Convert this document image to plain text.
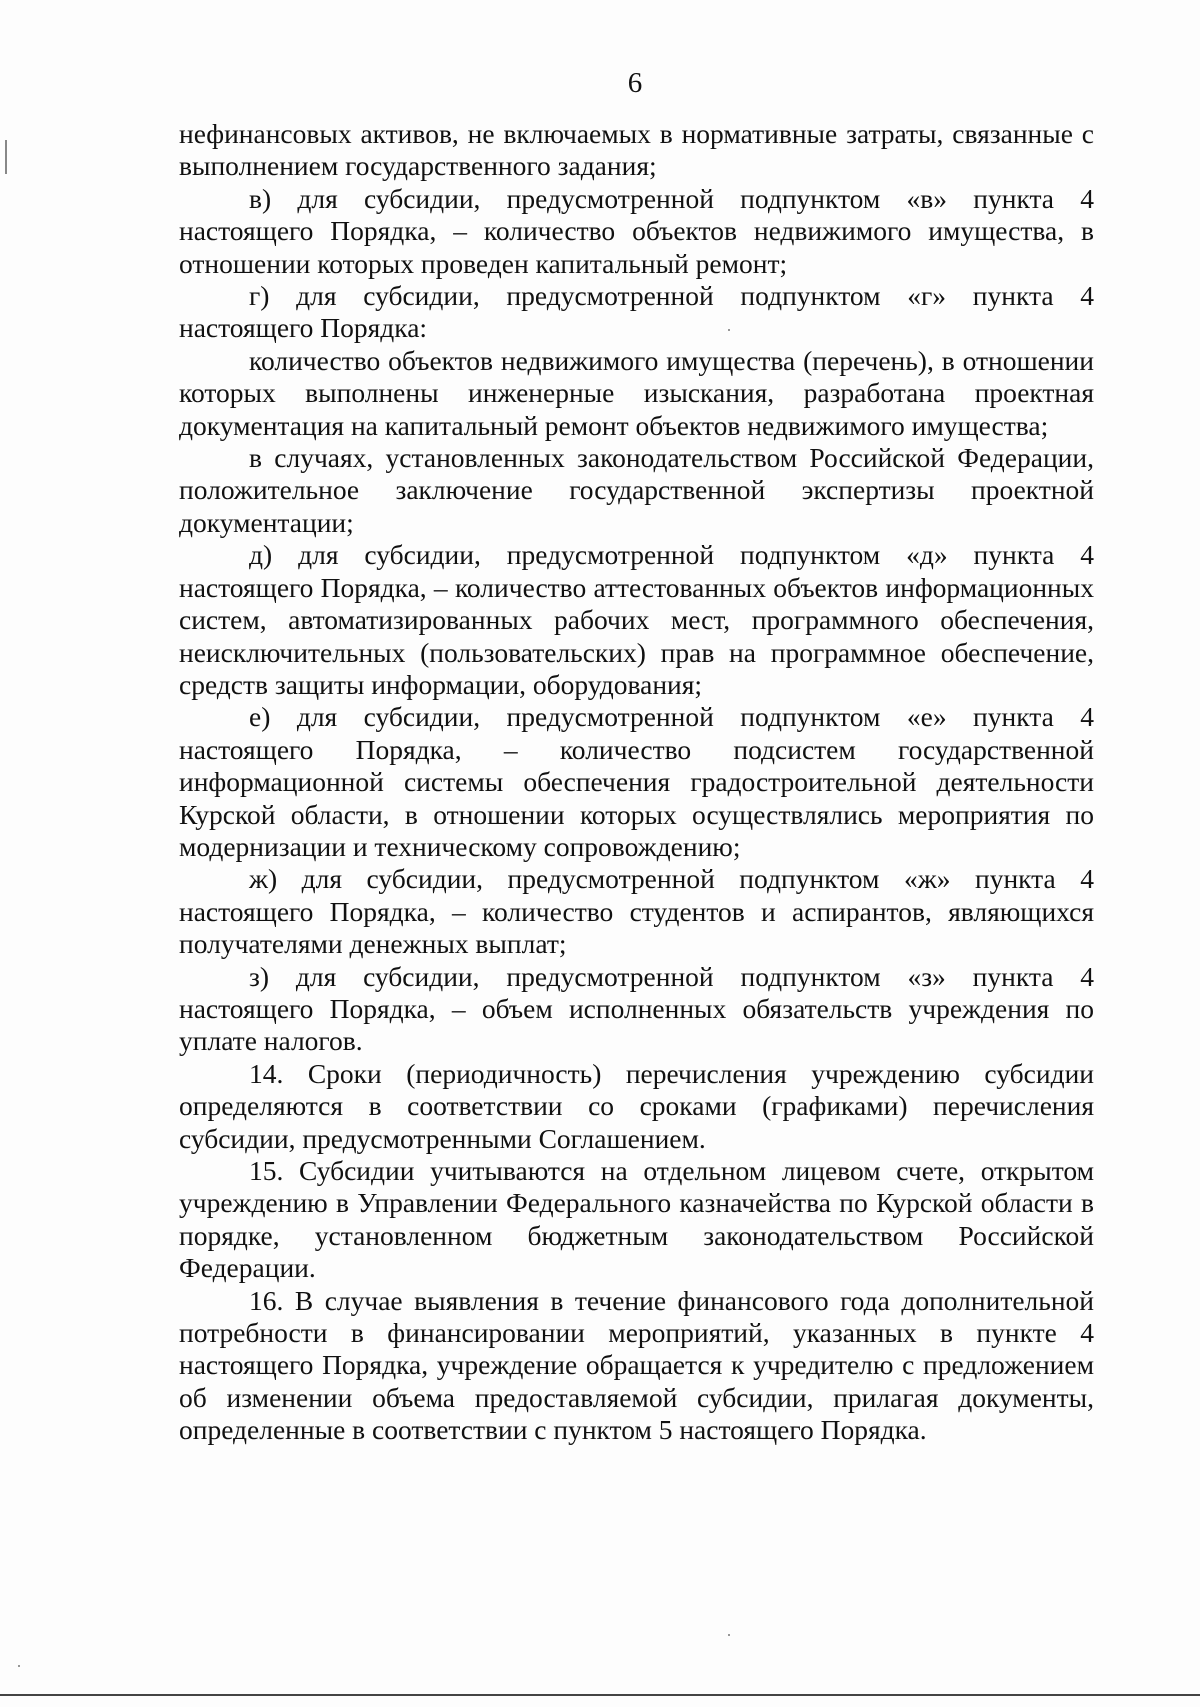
6

нефинансовых активов, не включаемых в нормативные затраты, связанные с выполнением государственного задания;

в) для субсидии, предусмотренной подпунктом «в» пункта 4 настоящего Порядка, – количество объектов недвижимого имущества, в отношении которых проведен капитальный ремонт;

г) для субсидии, предусмотренной подпунктом «г» пункта 4 настоящего Порядка:

количество объектов недвижимого имущества (перечень), в отношении которых выполнены инженерные изыскания, разработана проектная документация на капитальный ремонт объектов недвижимого имущества;

в случаях, установленных законодательством Российской Федерации, положительное заключение государственной экспертизы проектной документации;

д) для субсидии, предусмотренной подпунктом «д» пункта 4 настоящего Порядка, – количество аттестованных объектов информационных систем, автоматизированных рабочих мест, программного обеспечения, неисключительных (пользовательских) прав на программное обеспечение, средств защиты информации, оборудования;

е) для субсидии, предусмотренной подпунктом «е» пункта 4 настоящего Порядка, – количество подсистем государственной информационной системы обеспечения градостроительной деятельности Курской области, в отношении которых осуществлялись мероприятия по модернизации и техническому сопровождению;

ж) для субсидии, предусмотренной подпунктом «ж» пункта 4 настоящего Порядка, – количество студентов и аспирантов, являющихся получателями денежных выплат;

з) для субсидии, предусмотренной подпунктом «з» пункта 4 настоящего Порядка, – объем исполненных обязательств учреждения по уплате налогов.

14. Сроки (периодичность) перечисления учреждению субсидии определяются в соответствии со сроками (графиками) перечисления субсидии, предусмотренными Соглашением.

15. Субсидии учитываются на отдельном лицевом счете, открытом учреждению в Управлении Федерального казначейства по Курской области в порядке, установленном бюджетным законодательством Российской Федерации.

16. В случае выявления в течение финансового года дополнительной потребности в финансировании мероприятий, указанных в пункте 4 настоящего Порядка, учреждение обращается к учредителю с предложением об изменении объема предоставляемой субсидии, прилагая документы, определенные в соответствии с пунктом 5 настоящего Порядка.
